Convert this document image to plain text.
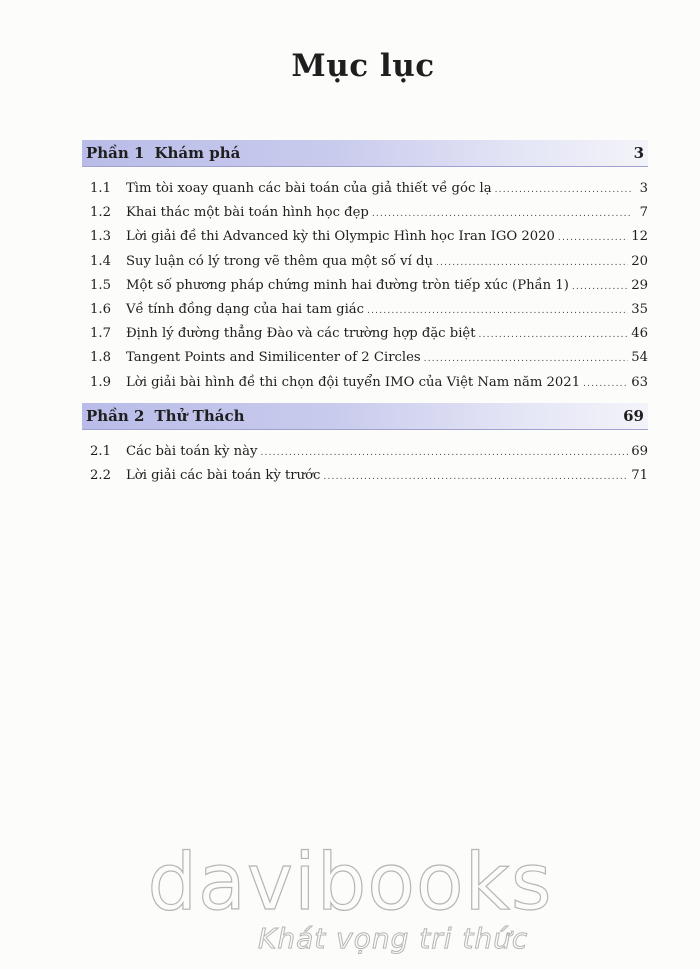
Mục lục
Phần 1 Khám phá	3
1.1	Tìm tòi xoay quanh các bài toán của giả thiết về góc lạ .....	3
1.2	Khai thác một bài toán hình học đẹp .....	7
1.3	Lời giải đề thi Advanced kỳ thi Olympic Hình học Iran IGO 2020 .....	12
1.4	Suy luận có lý trong vẽ thêm qua một số ví dụ .....	20
1.5	Một số phương pháp chứng minh hai đường tròn tiếp xúc (Phần 1) .....	29
1.6	Về tính đồng dạng của hai tam giác .....	35
1.7	Định lý đường thẳng Đào và các trường hợp đặc biệt .....	46
1.8	Tangent Points and Similicenter of 2 Circles .....	54
1.9	Lời giải bài hình đề thi chọn đội tuyển IMO của Việt Nam năm 2021 .....	63
Phần 2 Thử Thách	69
2.1	Các bài toán kỳ này .....	69
2.2	Lời giải các bài toán kỳ trước .....	71
davibooks
Khát vọng tri thức
